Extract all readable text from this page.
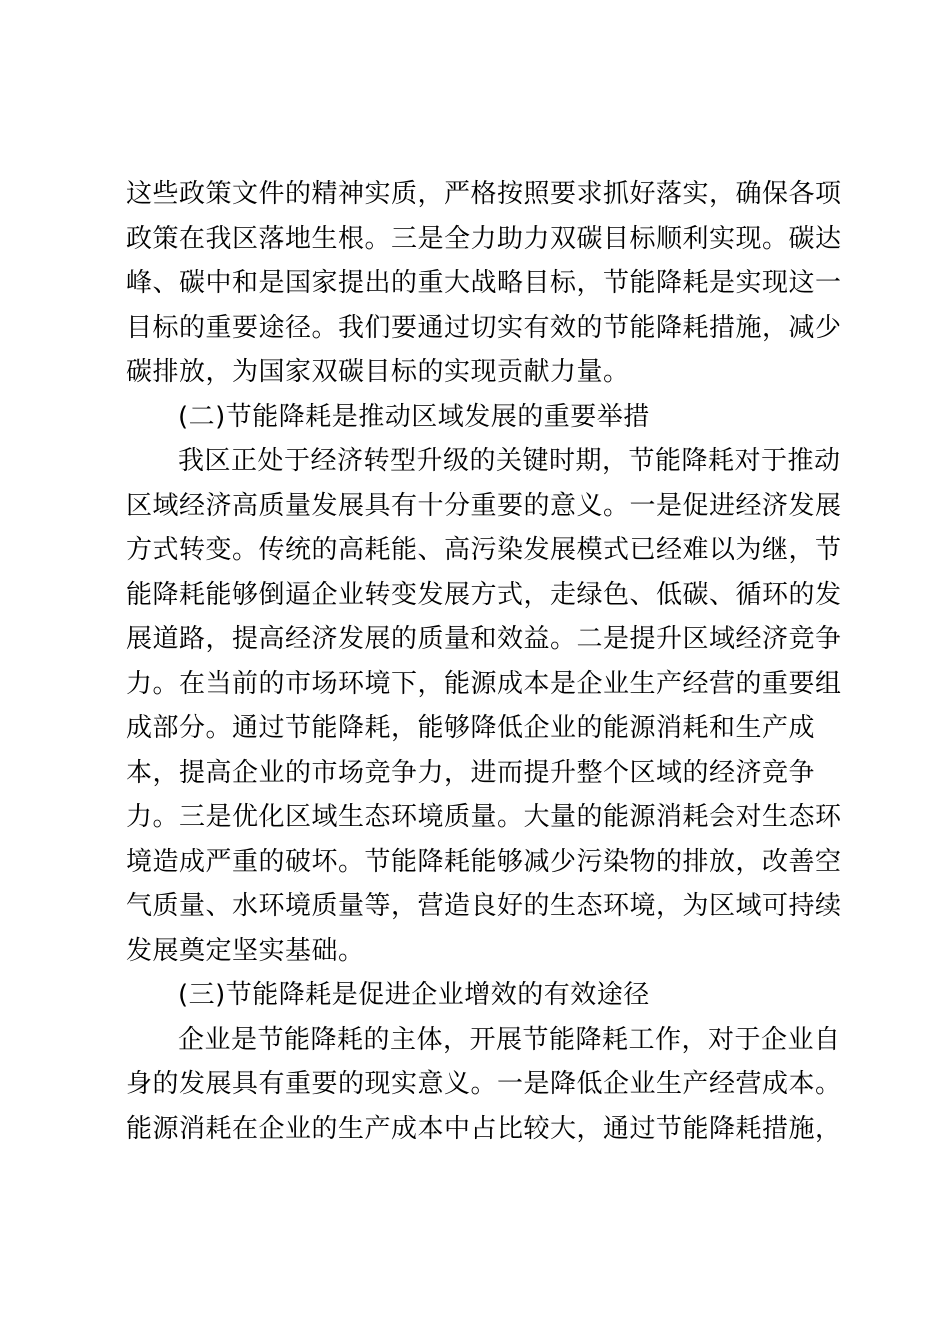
这些政策文件的精神实质，严格按照要求抓好落实，确保各项
政策在我区落地生根。三是全力助力双碳目标顺利实现。碳达
峰、碳中和是国家提出的重大战略目标，节能降耗是实现这一
目标的重要途径。我们要通过切实有效的节能降耗措施，减少
碳排放，为国家双碳目标的实现贡献力量。
(二)节能降耗是推动区域发展的重要举措
我区正处于经济转型升级的关键时期，节能降耗对于推动
区域经济高质量发展具有十分重要的意义。一是促进经济发展
方式转变。传统的高耗能、高污染发展模式已经难以为继，节
能降耗能够倒逼企业转变发展方式，走绿色、低碳、循环的发
展道路，提高经济发展的质量和效益。二是提升区域经济竞争
力。在当前的市场环境下，能源成本是企业生产经营的重要组
成部分。通过节能降耗，能够降低企业的能源消耗和生产成
本，提高企业的市场竞争力，进而提升整个区域的经济竞争
力。三是优化区域生态环境质量。大量的能源消耗会对生态环
境造成严重的破坏。节能降耗能够减少污染物的排放，改善空
气质量、水环境质量等，营造良好的生态环境，为区域可持续
发展奠定坚实基础。
(三)节能降耗是促进企业增效的有效途径
企业是节能降耗的主体，开展节能降耗工作，对于企业自
身的发展具有重要的现实意义。一是降低企业生产经营成本。
能源消耗在企业的生产成本中占比较大，通过节能降耗措施，
